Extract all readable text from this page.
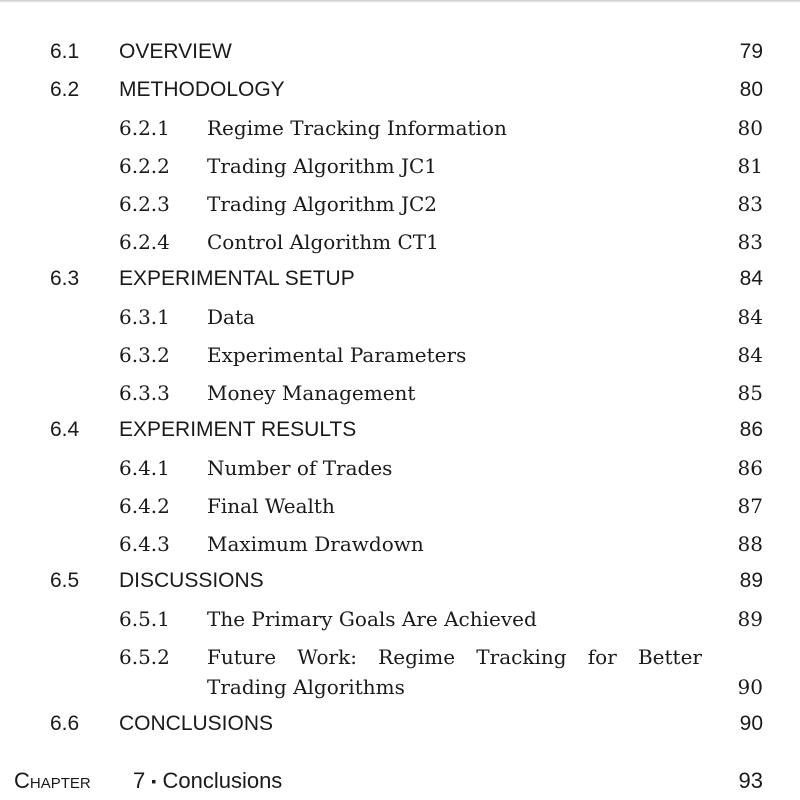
6.1 OVERVIEW	79
6.2 METHODOLOGY	80
6.2.1 Regime Tracking Information	80
6.2.2 Trading Algorithm JC1	81
6.2.3 Trading Algorithm JC2	83
6.2.4 Control Algorithm CT1	83
6.3 EXPERIMENTAL SETUP	84
6.3.1 Data	84
6.3.2 Experimental Parameters	84
6.3.3 Money Management	85
6.4 EXPERIMENT RESULTS	86
6.4.1 Number of Trades	86
6.4.2 Final Wealth	87
6.4.3 Maximum Drawdown	88
6.5 DISCUSSIONS	89
6.5.1 The Primary Goals Are Achieved	89
6.5.2 Future Work: Regime Tracking for Better
Trading Algorithms	90
6.6 CONCLUSIONS	90
Chapter 7 ▪ Conclusions	93
